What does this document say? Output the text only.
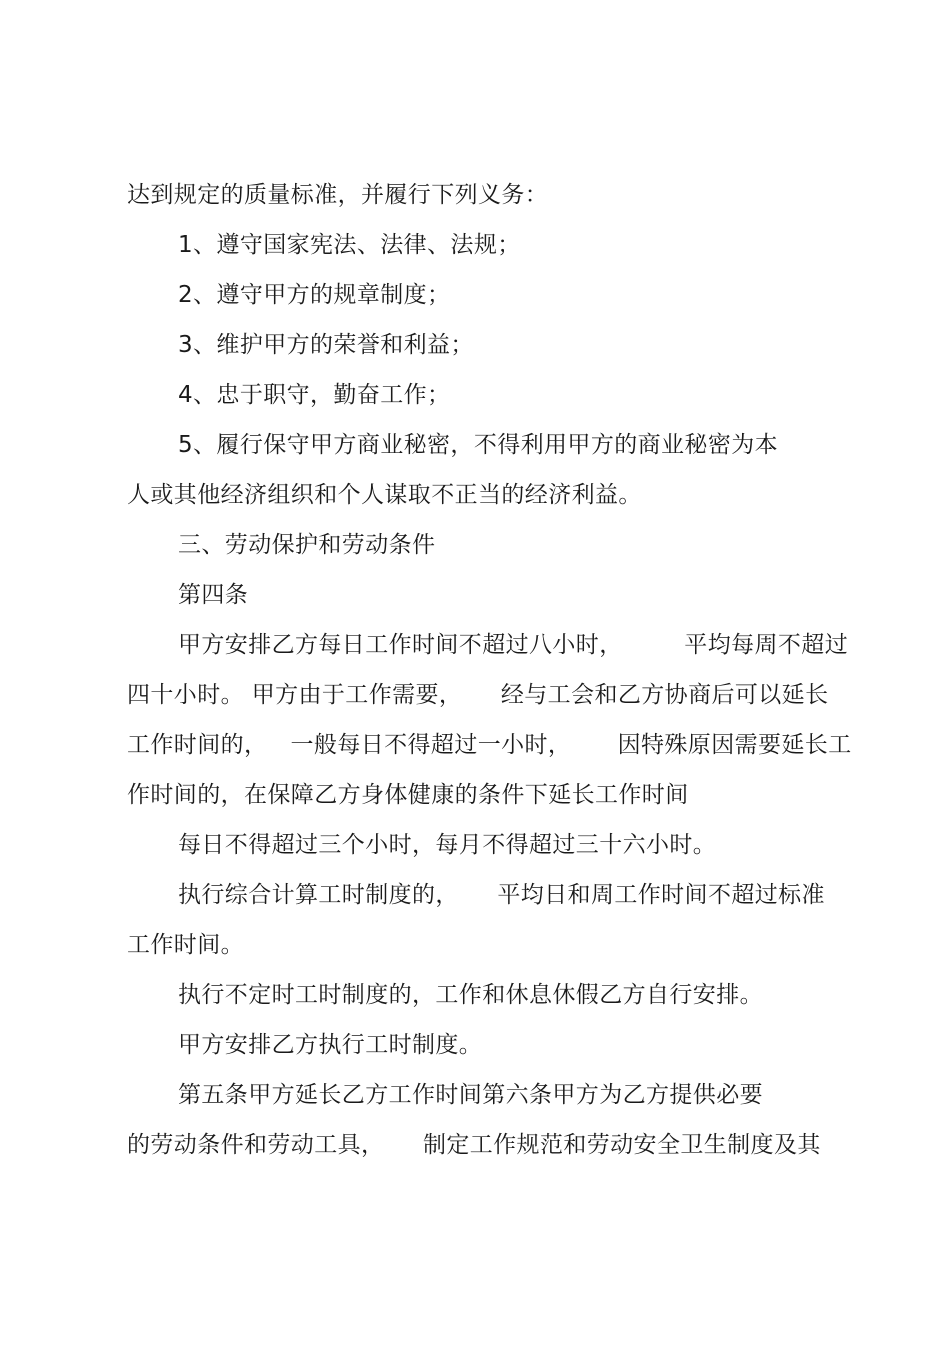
达到规定的质量标准，并履行下列义务：
1、遵守国家宪法、法律、法规；
2、遵守甲方的规章制度；
3、维护甲方的荣誉和利益；
4、忠于职守，勤奋工作；
5、履行保守甲方商业秘密，不得利用甲方的商业秘密为本
人或其他经济组织和个人谋取不正当的经济利益。
三、劳动保护和劳动条件
第四条
甲方安排乙方每日工作时间不超过八小时，        平均每周不超过
四十小时。 甲方由于工作需要，     经与工会和乙方协商后可以延长
工作时间的，   一般每日不得超过一小时，      因特殊原因需要延长工
作时间的，在保障乙方身体健康的条件下延长工作时间
每日不得超过三个小时，每月不得超过三十六小时。
执行综合计算工时制度的，     平均日和周工作时间不超过标准
工作时间。
执行不定时工时制度的，工作和休息休假乙方自行安排。
甲方安排乙方执行工时制度。
第五条甲方延长乙方工作时间第六条甲方为乙方提供必要
的劳动条件和劳动工具，     制定工作规范和劳动安全卫生制度及其
